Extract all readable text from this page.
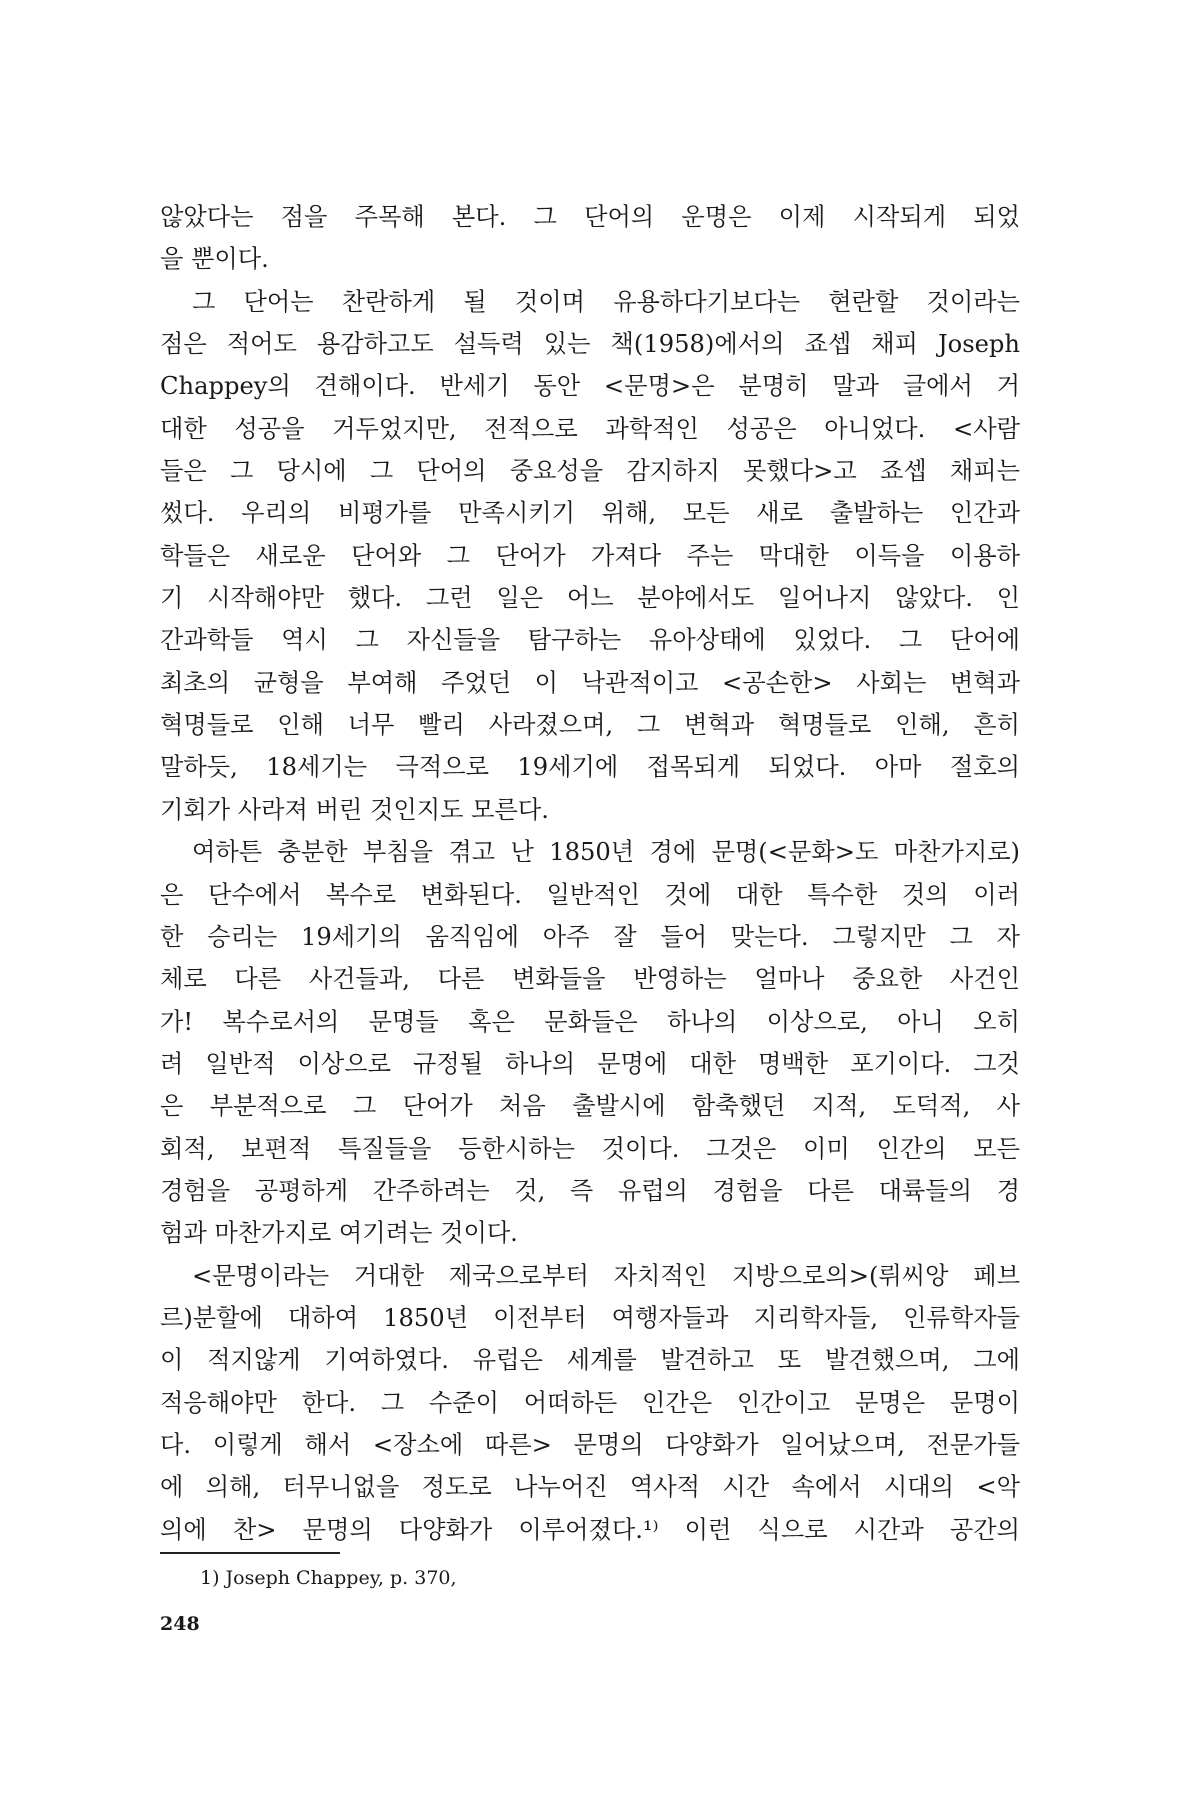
않았다는 점을 주목해 본다. 그 단어의 운명은 이제 시작되게 되었
을 뿐이다.
그 단어는 찬란하게 될 것이며 유용하다기보다는 현란할 것이라는
점은 적어도 용감하고도 설득력 있는 책(1958)에서의 죠셉 채피 Joseph
Chappey의 견해이다. 반세기 동안 <문명>은 분명히 말과 글에서 거
대한 성공을 거두었지만, 전적으로 과학적인 성공은 아니었다. <사람
들은 그 당시에 그 단어의 중요성을 감지하지 못했다>고 죠셉 채피는
썼다. 우리의 비평가를 만족시키기 위해, 모든 새로 출발하는 인간과
학들은 새로운 단어와 그 단어가 가져다 주는 막대한 이득을 이용하
기 시작해야만 했다. 그런 일은 어느 분야에서도 일어나지 않았다. 인
간과학들 역시 그 자신들을 탐구하는 유아상태에 있었다. 그 단어에
최초의 균형을 부여해 주었던 이 낙관적이고 <공손한> 사회는 변혁과
혁명들로 인해 너무 빨리 사라졌으며, 그 변혁과 혁명들로 인해, 흔히
말하듯, 18세기는 극적으로 19세기에 접목되게 되었다. 아마 절호의
기회가 사라져 버린 것인지도 모른다.
여하튼 충분한 부침을 겪고 난 1850년 경에 문명(<문화>도 마찬가지로)
은 단수에서 복수로 변화된다. 일반적인 것에 대한 특수한 것의 이러
한 승리는 19세기의 움직임에 아주 잘 들어 맞는다. 그렇지만 그 자
체로 다른 사건들과, 다른 변화들을 반영하는 얼마나 중요한 사건인
가! 복수로서의 문명들 혹은 문화들은 하나의 이상으로, 아니 오히
려 일반적 이상으로 규정될 하나의 문명에 대한 명백한 포기이다. 그것
은 부분적으로 그 단어가 처음 출발시에 함축했던 지적, 도덕적, 사
회적, 보편적 특질들을 등한시하는 것이다. 그것은 이미 인간의 모든
경험을 공평하게 간주하려는 것, 즉 유럽의 경험을 다른 대륙들의 경
험과 마찬가지로 여기려는 것이다.
<문명이라는 거대한 제국으로부터 자치적인 지방으로의>(뤼씨앙 페브
르)분할에 대하여 1850년 이전부터 여행자들과 지리학자들, 인류학자들
이 적지않게 기여하였다. 유럽은 세계를 발견하고 또 발견했으며, 그에
적응해야만 한다. 그 수준이 어떠하든 인간은 인간이고 문명은 문명이
다. 이렇게 해서 <장소에 따른> 문명의 다양화가 일어났으며, 전문가들
에 의해, 터무니없을 정도로 나누어진 역사적 시간 속에서 시대의 <악
의에 찬> 문명의 다양화가 이루어졌다.¹⁾ 이런 식으로 시간과 공간의
1) Joseph Chappey, p. 370,
248
